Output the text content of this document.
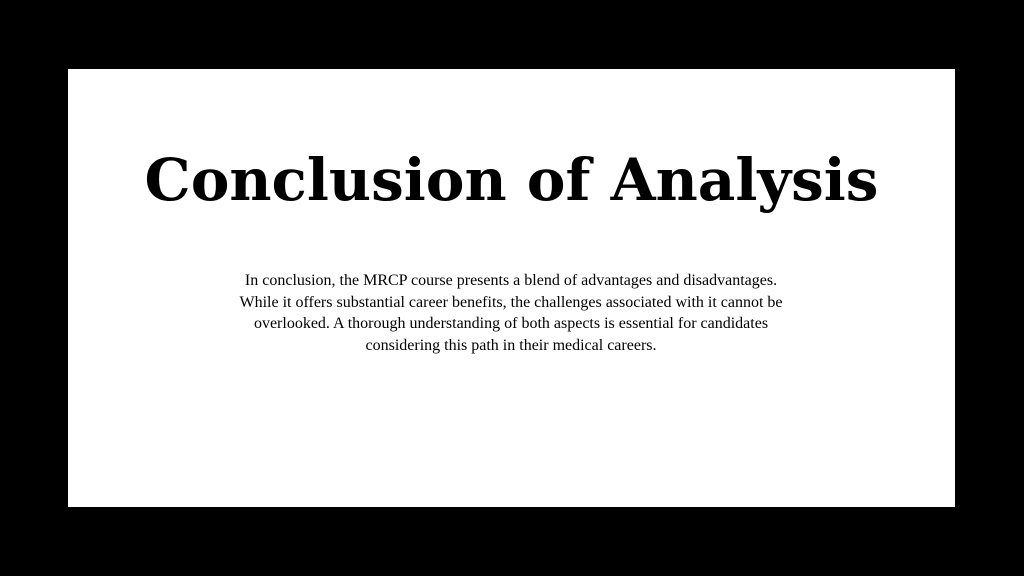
Conclusion of Analysis

In conclusion, the MRCP course presents a blend of advantages and disadvantages. While it offers substantial career benefits, the challenges associated with it cannot be overlooked. A thorough understanding of both aspects is essential for candidates considering this path in their medical careers.
